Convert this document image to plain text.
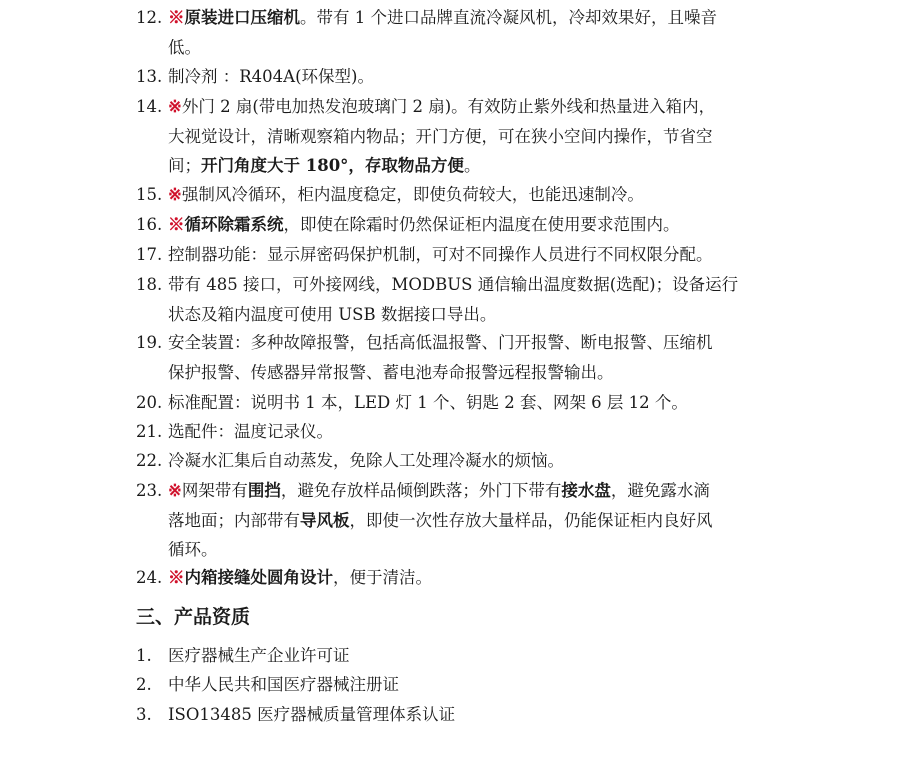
12. ※原装进口压缩机。带有 1 个进口品牌直流冷凝风机，冷却效果好，且噪音
低。
13. 制冷剂 ：R404A(环保型)。
14. ※外门 2 扇(带电加热发泡玻璃门 2 扇)。有效防止紫外线和热量进入箱内，
大视觉设计，清晰观察箱内物品；开门方便，可在狭小空间内操作，节省空
间；开门角度大于 180°，存取物品方便。
15. ※强制风冷循环，柜内温度稳定，即使负荷较大，也能迅速制冷。
16. ※循环除霜系统，即使在除霜时仍然保证柜内温度在使用要求范围内。
17. 控制器功能：显示屏密码保护机制，可对不同操作人员进行不同权限分配。
18. 带有 485 接口，可外接网线，MODBUS 通信输出温度数据(选配)；设备运行
状态及箱内温度可使用 USB 数据接口导出。
19. 安全装置：多种故障报警，包括高低温报警、门开报警、断电报警、压缩机
保护报警、传感器异常报警、蓄电池寿命报警远程报警输出。
20. 标准配置：说明书 1 本，LED 灯 1 个、钥匙 2 套、网架 6 层 12 个。
21. 选配件：温度记录仪。
22. 冷凝水汇集后自动蒸发，免除人工处理冷凝水的烦恼。
23. ※网架带有围挡，避免存放样品倾倒跌落；外门下带有接水盘，避免露水滴
落地面；内部带有导风板，即使一次性存放大量样品，仍能保证柜内良好风
循环。
24. ※内箱接缝处圆角设计，便于清洁。
三、产品资质
1. 医疗器械生产企业许可证
2. 中华人民共和国医疗器械注册证
3. ISO13485 医疗器械质量管理体系认证
